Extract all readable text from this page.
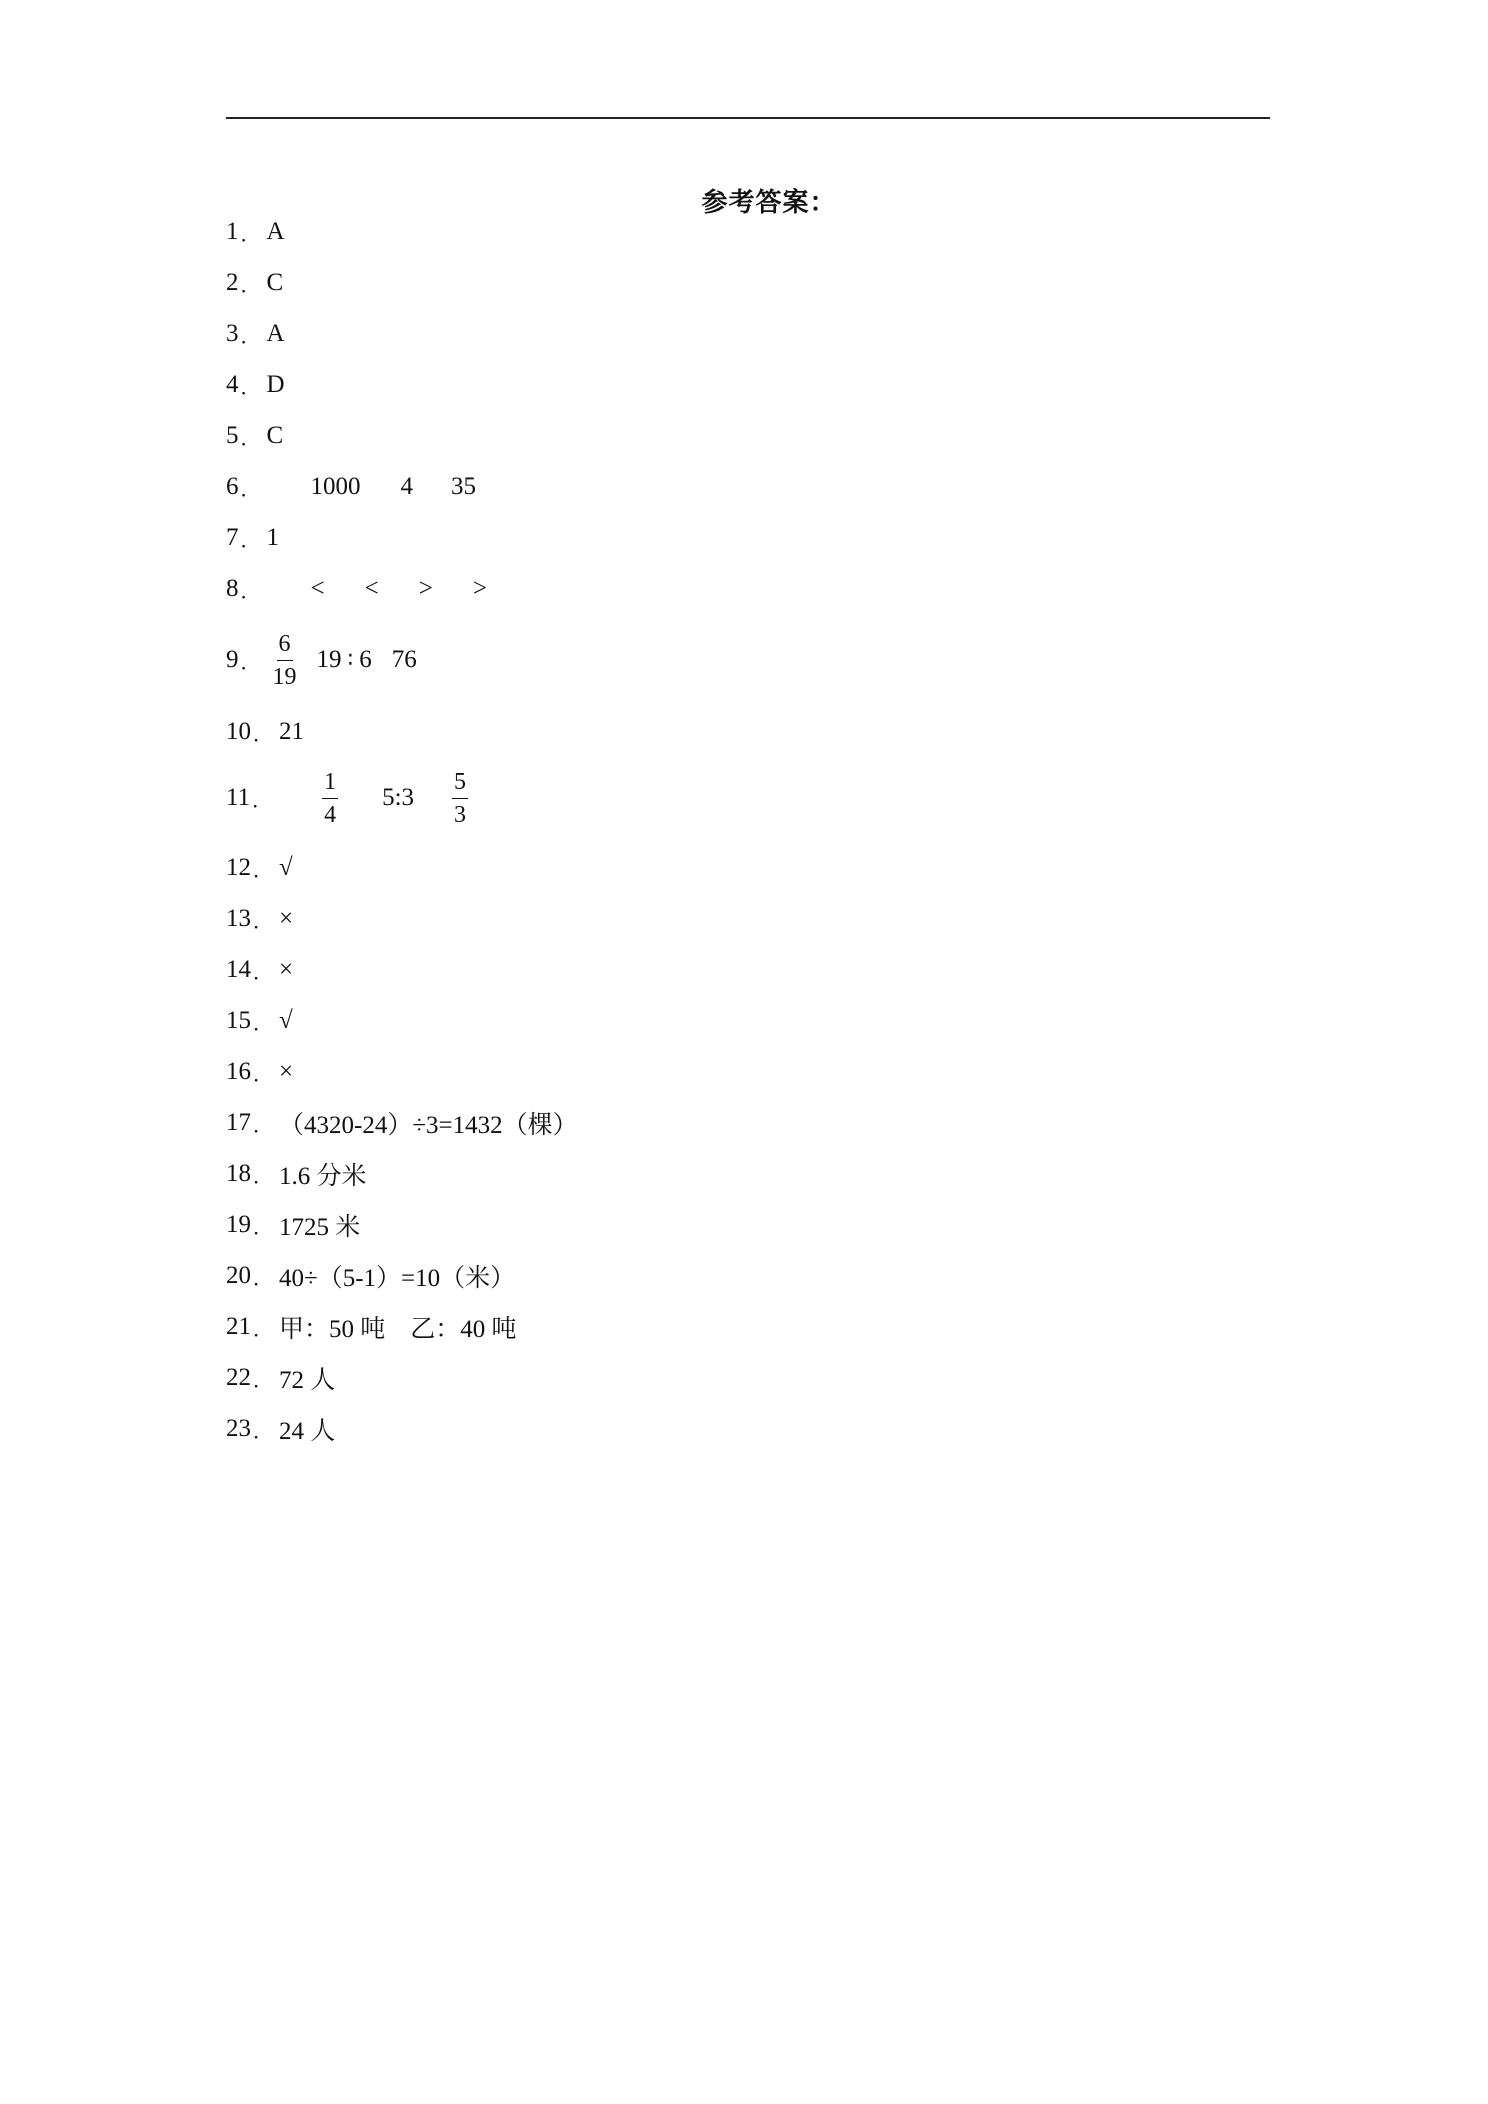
参考答案：
1 ． A
2 ． C
3 ． A
4 ． D
5 ． C
6 ． 1000 4 35
7 ． 1
8 ． < < > >
9 ． $\frac{6}{19} 19$ ∶ 6 76
10 ． 21
11 ． $\frac{1}{4}$ 5:3 $\frac{5}{3}$
12 ． √
13 ． ×
14 ． ×
15 ． √
16 ． ×
17 ． （4320-24）÷3=1432（棵）
18 ． 1.6 分米
19 ． 1725 米
20 ． 40÷（5-1）=10（米）
21 ． 甲：50 吨　乙：40 吨
22 ． 72 人
23 ． 24 人
